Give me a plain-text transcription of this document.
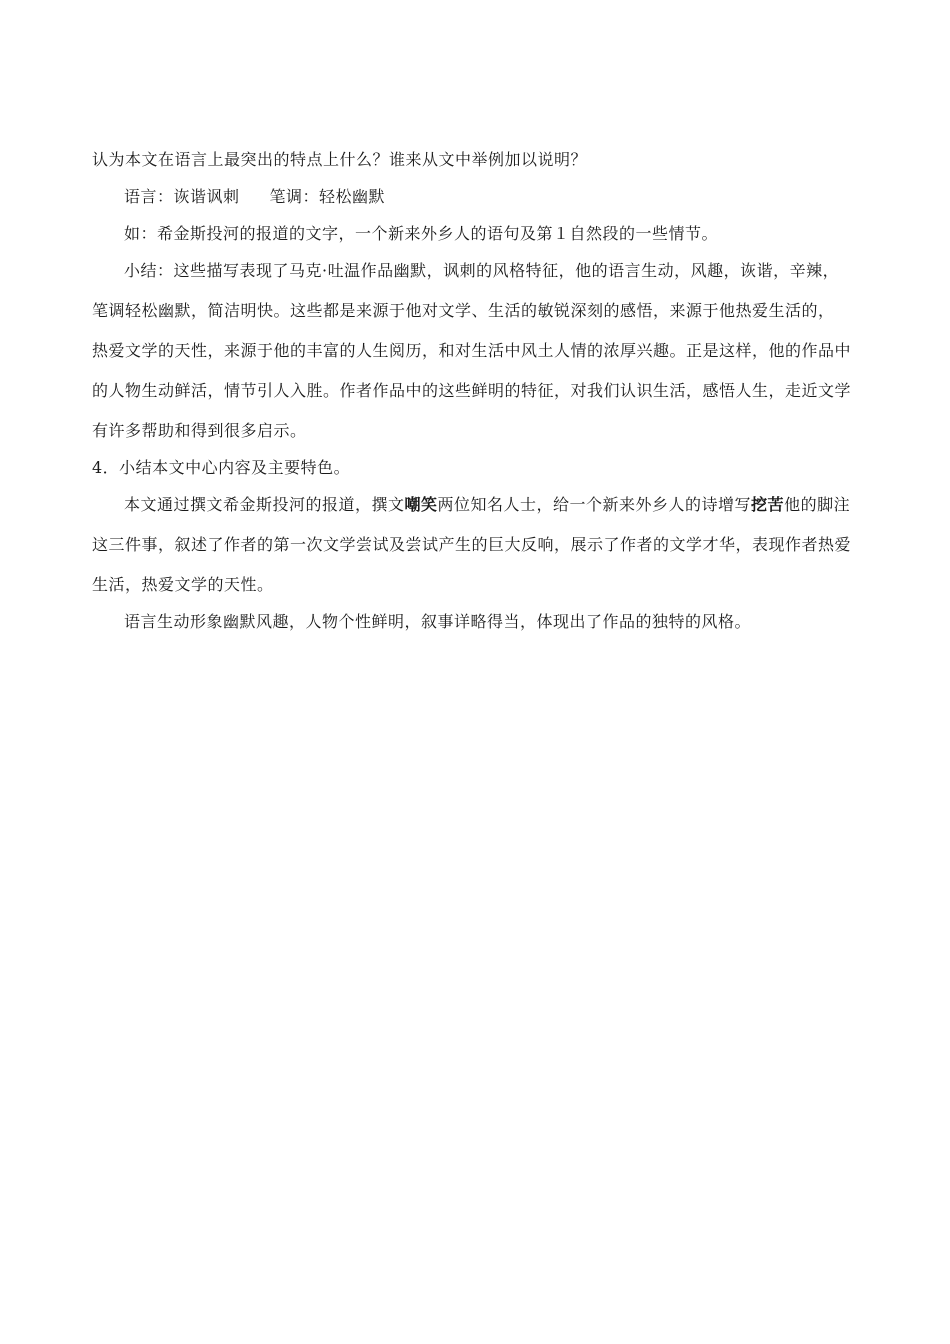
认为本文在语言上最突出的特点上什么？谁来从文中举例加以说明？
语言：诙谐讽刺 笔调：轻松幽默
如：希金斯投河的报道的文字，一个新来外乡人的语句及第１自然段的一些情节。
小结：这些描写表现了马克·吐温作品幽默，讽刺的风格特征，他的语言生动，风趣，诙谐，辛辣，
笔调轻松幽默，简洁明快。这些都是来源于他对文学、生活的敏锐深刻的感悟，来源于他热爱生活的，
热爱文学的天性，来源于他的丰富的人生阅历，和对生活中风土人情的浓厚兴趣。正是这样，他的作品中
的人物生动鲜活，情节引人入胜。作者作品中的这些鲜明的特征，对我们认识生活，感悟人生，走近文学
有许多帮助和得到很多启示。
4．小结本文中心内容及主要特色。
本文通过撰文希金斯投河的报道，撰文嘲笑两位知名人士，给一个新来外乡人的诗增写挖苦他的脚注
这三件事，叙述了作者的第一次文学尝试及尝试产生的巨大反响，展示了作者的文学才华，表现作者热爱
生活，热爱文学的天性。
语言生动形象幽默风趣，人物个性鲜明，叙事详略得当，体现出了作品的独特的风格。
